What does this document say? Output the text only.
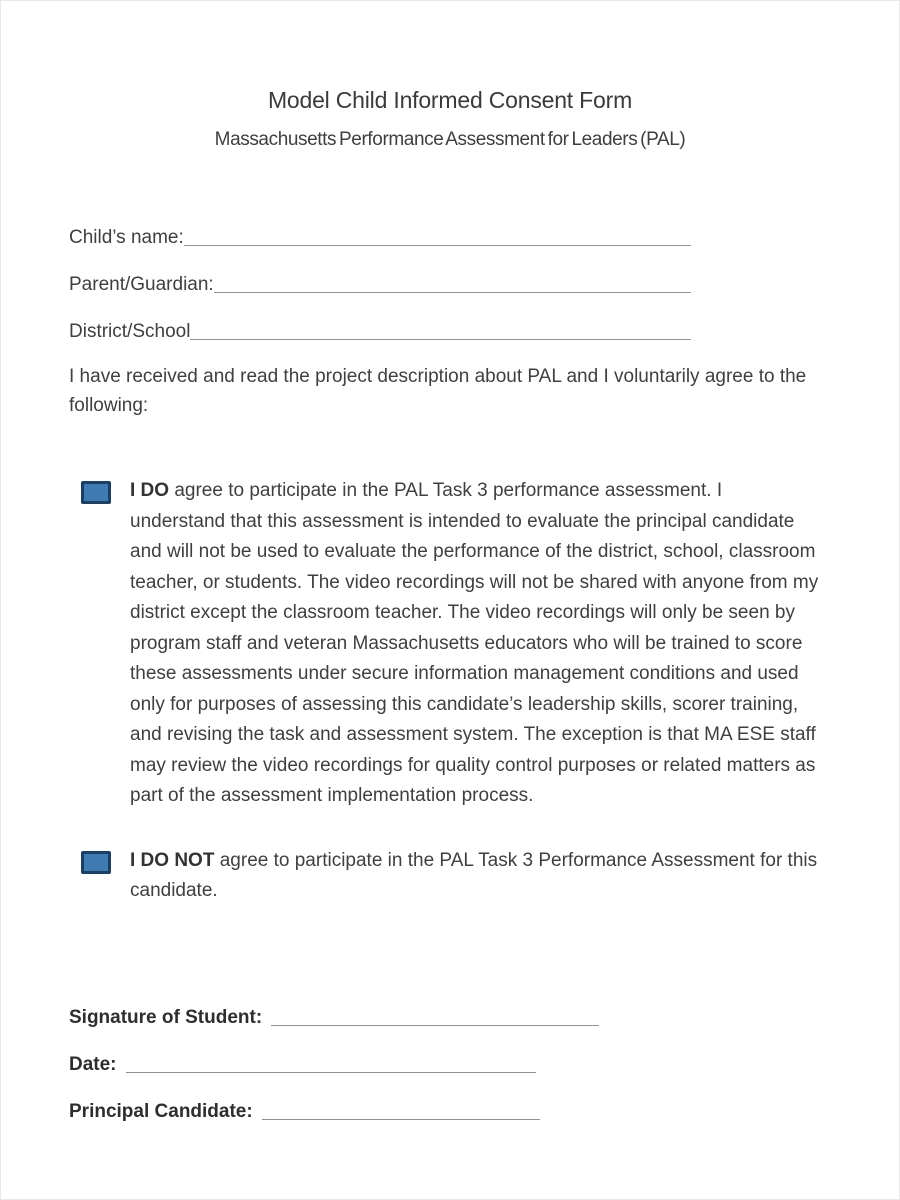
Model Child Informed Consent Form
Massachusetts Performance Assessment for Leaders (PAL)
Child’s name:
Parent/Guardian:
District/School
I have received and read the project description about PAL and I voluntarily agree to the following:
I DO agree to participate in the PAL Task 3 performance assessment. I understand that this assessment is intended to evaluate the principal candidate and will not be used to evaluate the performance of the district, school, classroom teacher, or students. The video recordings will not be shared with anyone from my district except the classroom teacher. The video recordings will only be seen by program staff and veteran Massachusetts educators who will be trained to score these assessments under secure information management conditions and used only for purposes of assessing this candidate’s leadership skills, scorer training, and revising the task and assessment system. The exception is that MA ESE staff may review the video recordings for quality control purposes or related matters as part of the assessment implementation process.
I DO NOT agree to participate in the PAL Task 3 Performance Assessment for this candidate.
Signature of Student:
Date:
Principal Candidate:
